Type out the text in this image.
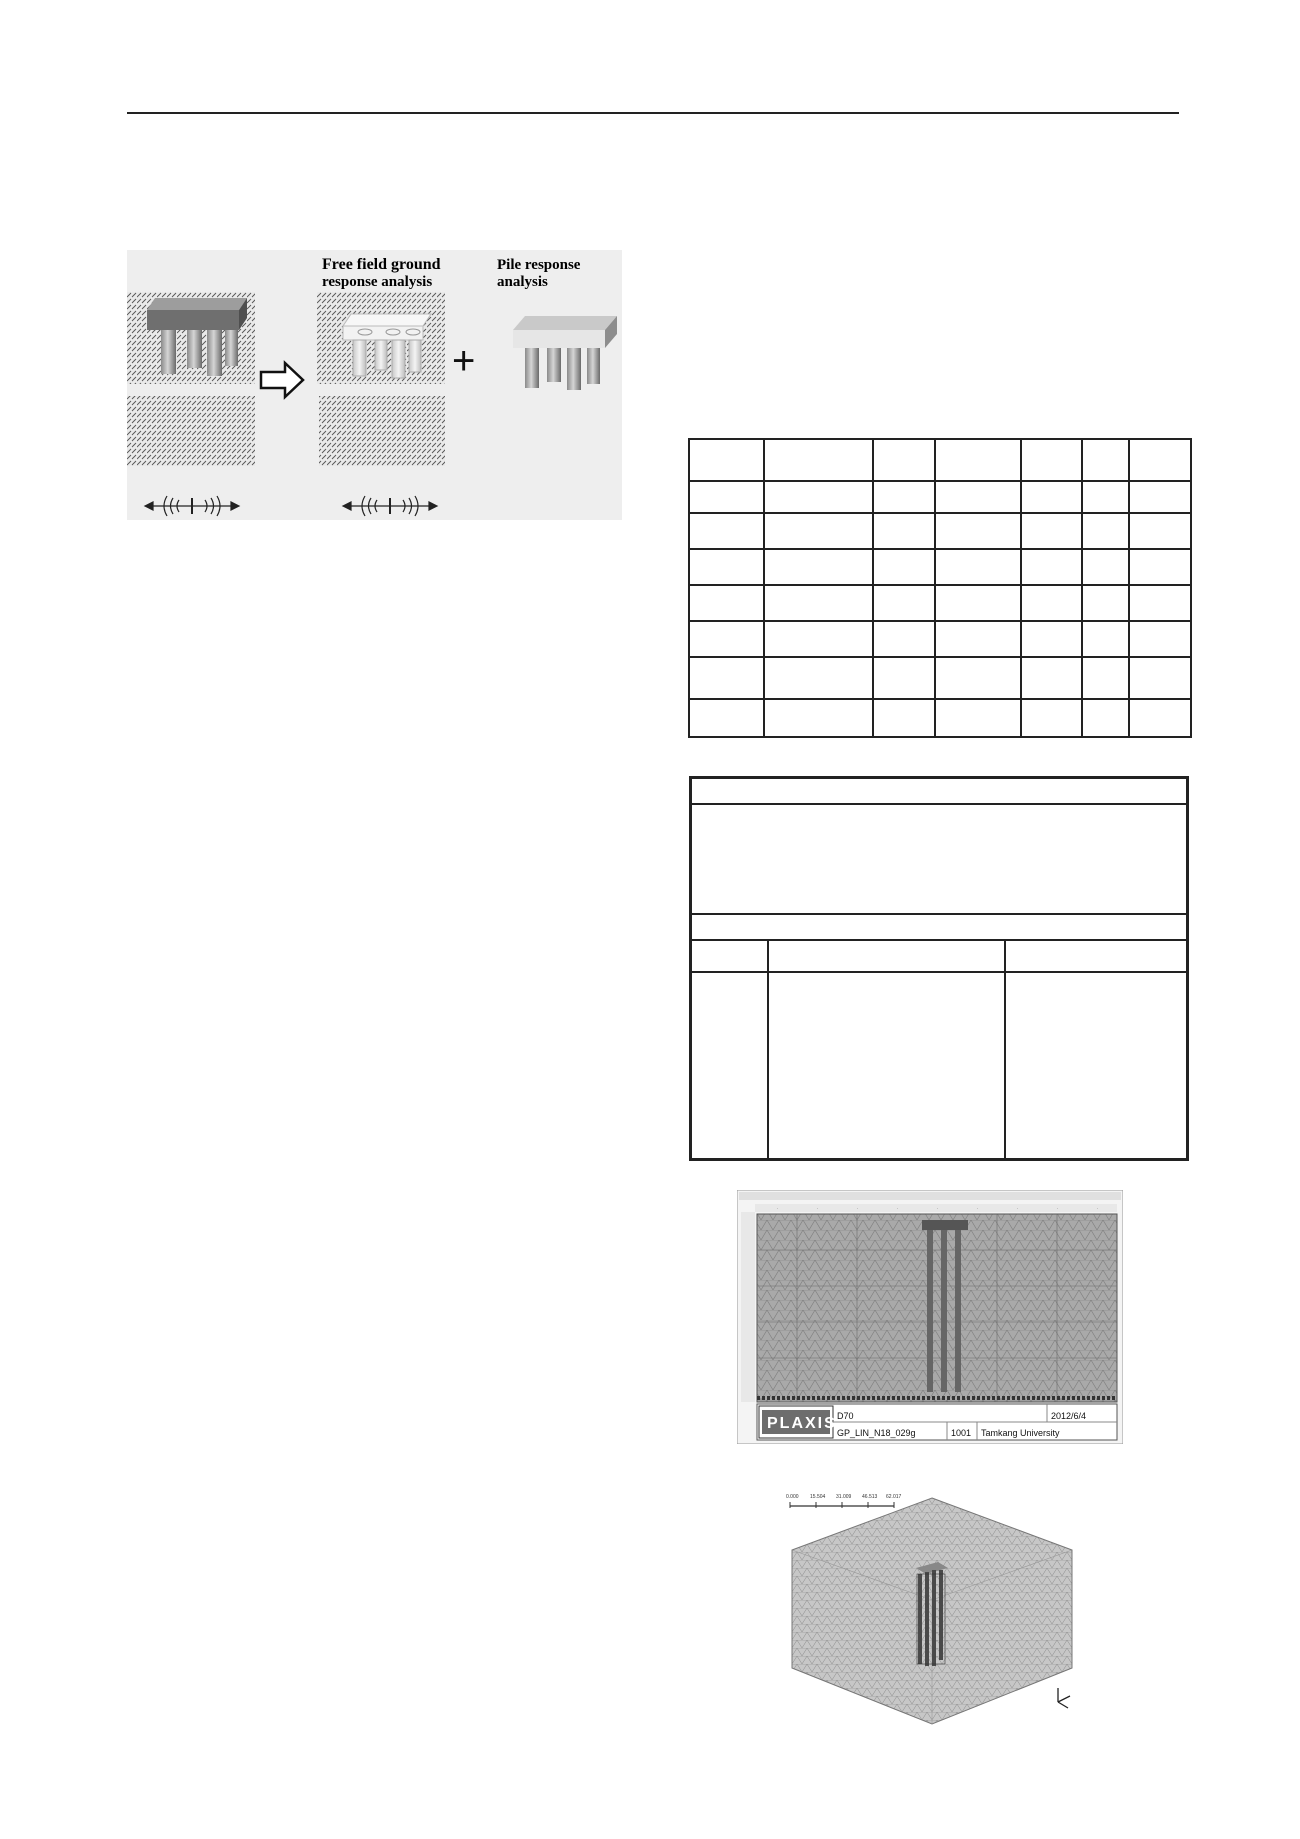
Free field ground
response analysis
+
Pile response
analysis

·	·	·	·	·	·	·	·	·
PLAXIS D70	2012/6/4
GP_LIN_N18_029g	1001 Tamkang University
0.000 15.504 31.009 46.513 62.017
